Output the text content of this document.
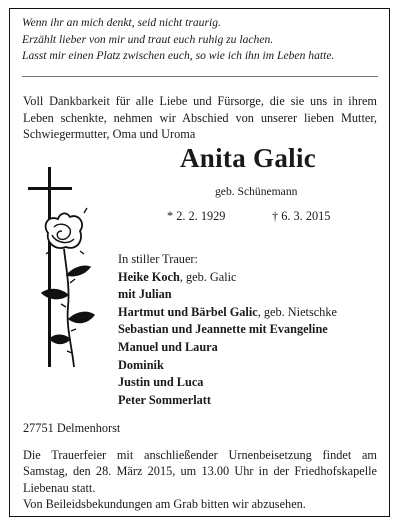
Wenn ihr an mich denkt, seid nicht traurig.
Erzählt lieber von mir und traut euch ruhig zu lachen.
Lasst mir einen Platz zwischen euch, so wie ich ihn im Leben hatte.
Voll Dankbarkeit für alle Liebe und Fürsorge, die sie uns in ihrem Leben schenkte, nehmen wir Abschied von unserer lieben Mutter, Schwiegermutter, Oma und Uroma
Anita Galic
geb. Schünemann
* 2. 2. 1929	† 6. 3. 2015
In stiller Trauer:
Heike Koch, geb. Galic
mit Julian
Hartmut und Bärbel Galic, geb. Nietschke
Sebastian und Jeannette mit Evangeline
Manuel und Laura
Dominik
Justin und Luca
Peter Sommerlatt
27751 Delmenhorst
Die Trauerfeier mit anschließender Urnenbeisetzung findet am Samstag, den 28. März 2015, um 13.00 Uhr in der Friedhofskapelle Liebenau statt.
Von Beileidsbekundungen am Grab bitten wir abzusehen.
